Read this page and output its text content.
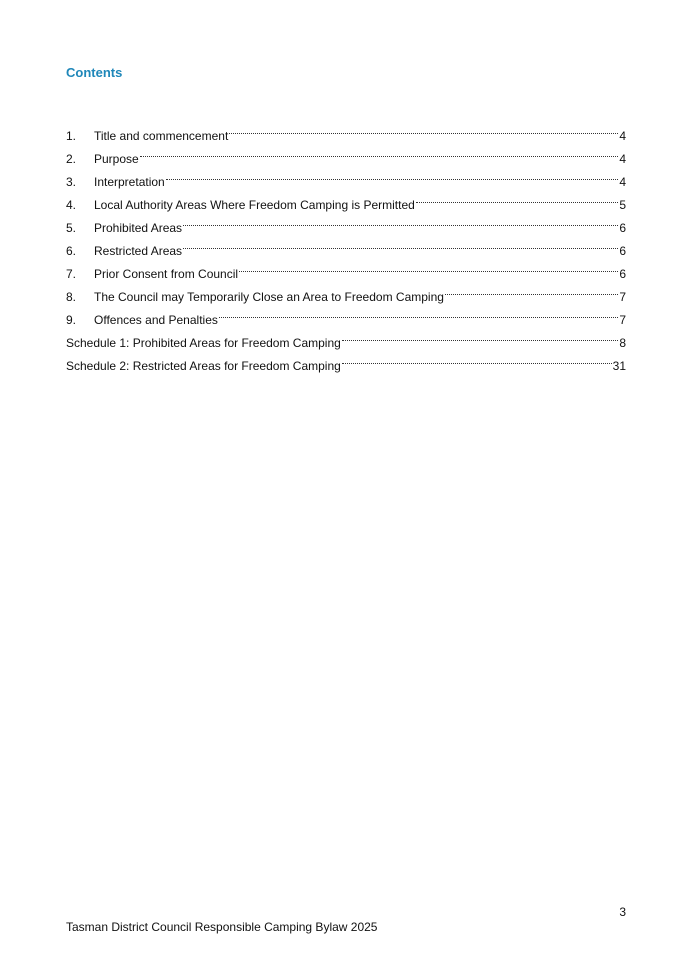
Contents
1.	Title and commencement	4
2.	Purpose	4
3.	Interpretation	4
4.	Local Authority Areas Where Freedom Camping is Permitted	5
5.	Prohibited Areas	6
6.	Restricted Areas	6
7.	Prior Consent from Council	6
8.	The Council may Temporarily Close an Area to Freedom Camping	7
9.	Offences and Penalties	7
Schedule 1: Prohibited Areas for Freedom Camping	8
Schedule 2: Restricted Areas for Freedom Camping	31

3

Tasman District Council Responsible Camping Bylaw 2025
